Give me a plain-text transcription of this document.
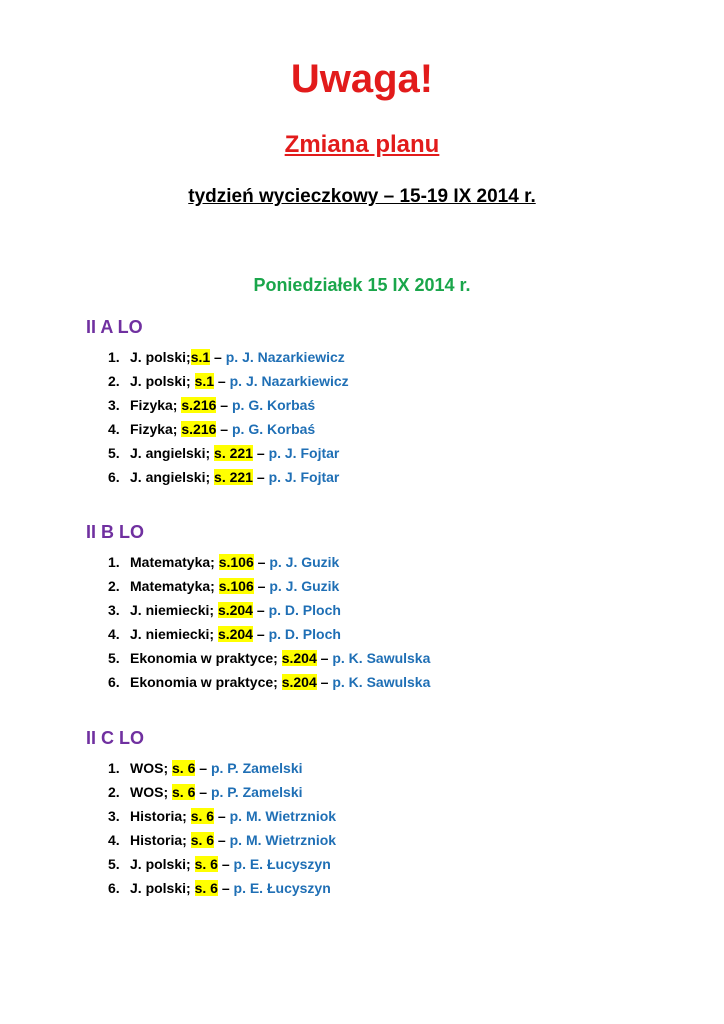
Uwaga!
Zmiana planu
tydzień wycieczkowy – 15-19 IX 2014 r.
Poniedziałek 15 IX 2014 r.
II A LO
1. J. polski;s.1 – p. J. Nazarkiewicz
2. J. polski; s.1 – p. J. Nazarkiewicz
3. Fizyka; s.216 – p. G. Korbaś
4. Fizyka; s.216 – p. G. Korbaś
5. J. angielski; s. 221 – p. J. Fojtar
6. J. angielski; s. 221 – p. J. Fojtar
II B LO
1. Matematyka; s.106 – p. J. Guzik
2. Matematyka; s.106 – p. J. Guzik
3. J. niemiecki; s.204 – p. D. Ploch
4. J. niemiecki; s.204 – p. D. Ploch
5. Ekonomia w praktyce; s.204 – p. K. Sawulska
6. Ekonomia w praktyce; s.204 – p. K. Sawulska
II C LO
1. WOS; s. 6 – p. P. Zamelski
2. WOS; s. 6 – p. P. Zamelski
3. Historia; s. 6 – p. M. Wietrzniok
4. Historia; s. 6 – p. M. Wietrzniok
5. J. polski; s. 6 – p. E. Łucyszyn
6. J. polski; s. 6 – p. E. Łucyszyn
